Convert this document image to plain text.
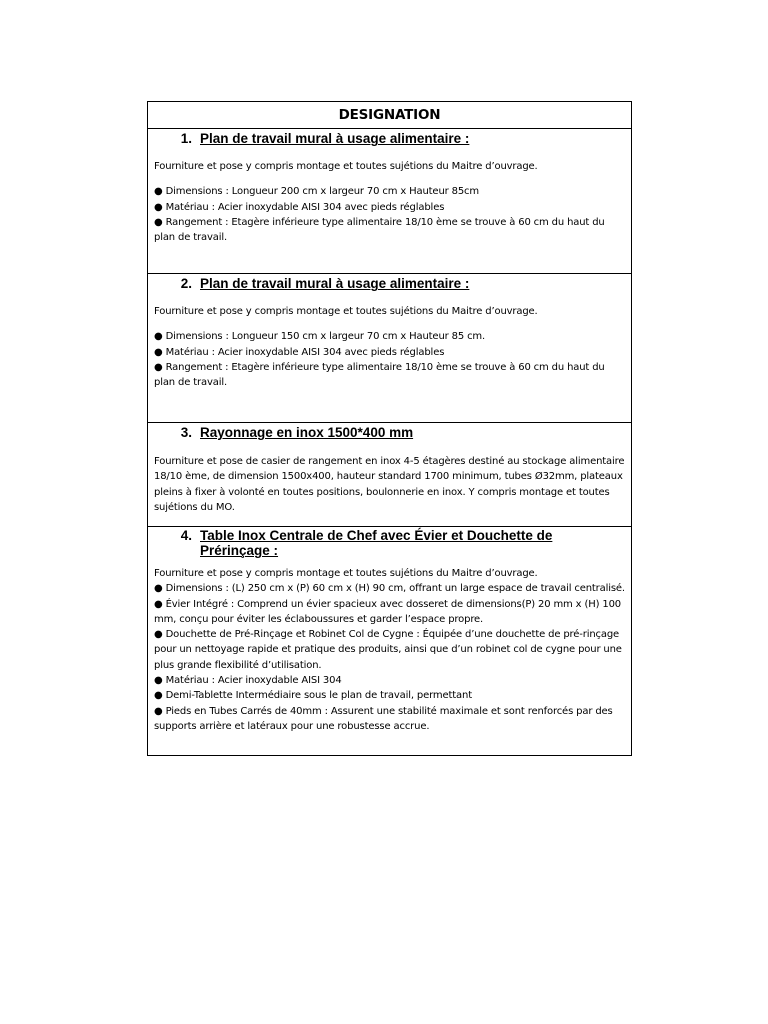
DESIGNATION
1. Plan de travail mural à usage alimentaire :
Fourniture et pose y compris montage et toutes sujétions du Maitre d’ouvrage.
● Dimensions : Longueur 200 cm x largeur 70 cm x Hauteur 85cm
● Matériau : Acier inoxydable AISI 304 avec pieds réglables
● Rangement : Etagère inférieure type alimentaire 18/10 ème se trouve à 60 cm du haut du plan de travail.
2. Plan de travail mural à usage alimentaire :
Fourniture et pose y compris montage et toutes sujétions du Maitre d’ouvrage.
● Dimensions : Longueur 150 cm x largeur 70 cm x Hauteur 85 cm.
● Matériau : Acier inoxydable AISI 304 avec pieds réglables
● Rangement : Etagère inférieure type alimentaire 18/10 ème se trouve à 60 cm du haut du plan de travail.
3. Rayonnage en inox 1500*400 mm
Fourniture et pose de casier de rangement en inox 4-5 étagères destiné au stockage alimentaire 18/10 ème, de dimension 1500x400, hauteur standard 1700 minimum, tubes Ø32mm, plateaux pleins à fixer à volonté en toutes positions, boulonnerie en inox. Y compris montage et toutes sujétions du MO.
4. Table Inox Centrale de Chef avec Évier et Douchette de Prérinçage :
Fourniture et pose y compris montage et toutes sujétions du Maitre d’ouvrage.
● Dimensions : (L) 250 cm x (P) 60 cm x (H) 90 cm, offrant un large espace de travail centralisé.
● Évier Intégré : Comprend un évier spacieux avec dosseret de dimensions(P) 20 mm x (H) 100 mm, conçu pour éviter les éclaboussures et garder l’espace propre.
● Douchette de Pré-Rinçage et Robinet Col de Cygne : Équipée d’une douchette de pré-rinçage pour un nettoyage rapide et pratique des produits, ainsi que d’un robinet col de cygne pour une plus grande flexibilité d’utilisation.
● Matériau : Acier inoxydable AISI 304
● Demi-Tablette Intermédiaire sous le plan de travail, permettant
● Pieds en Tubes Carrés de 40mm : Assurent une stabilité maximale et sont renforcés par des supports arrière et latéraux pour une robustesse accrue.
